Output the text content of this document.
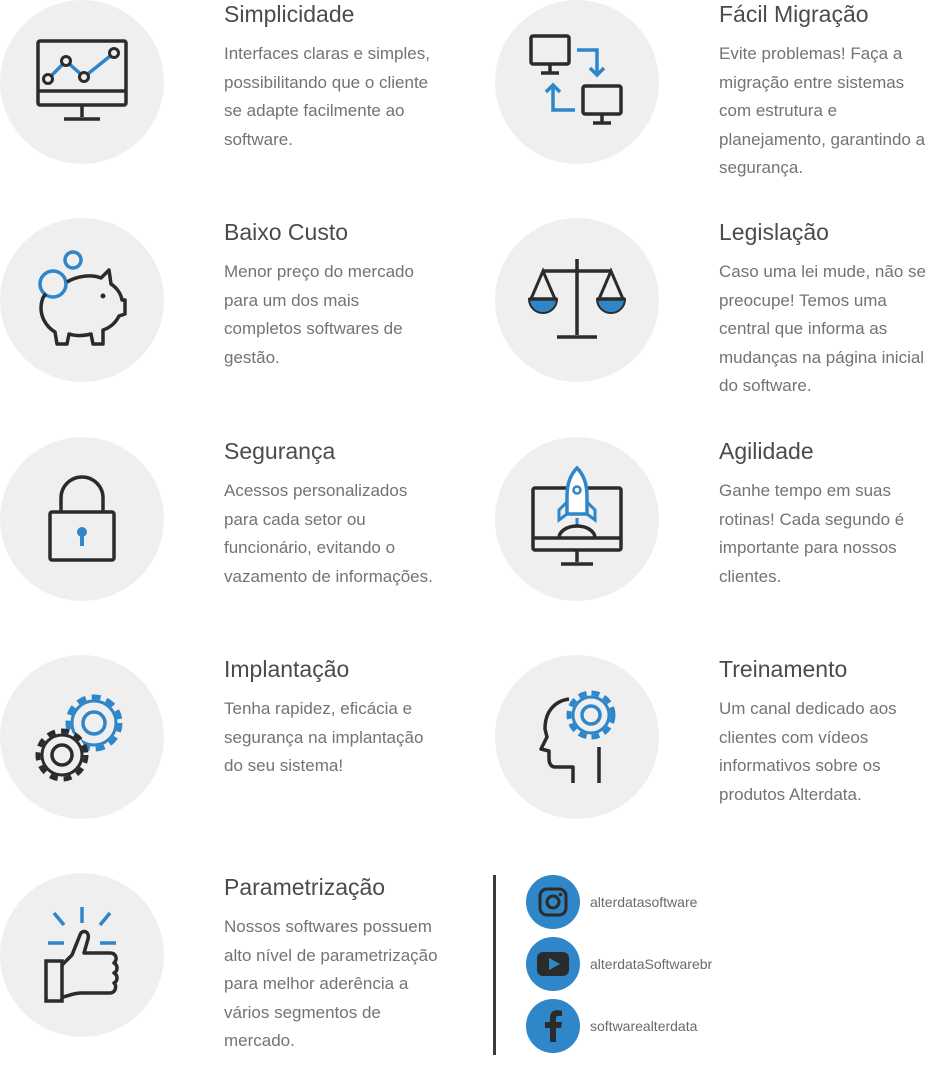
Simplicidade

Interfaces claras e simples, possibilitando que o cliente se adapte facilmente ao software.

Fácil Migração

Evite problemas! Faça a migração entre sistemas com estrutura e planejamento, garantindo a segurança.

Baixo Custo

Menor preço do mercado para um dos mais completos softwares de gestão.

Legislação

Caso uma lei mude, não se preocupe! Temos uma central que informa as mudanças na página inicial do software.

Segurança

Acessos personalizados para cada setor ou funcionário, evitando o vazamento de informações.

Agilidade

Ganhe tempo em suas rotinas! Cada segundo é importante para nossos clientes.

Implantação

Tenha rapidez, eficácia e segurança na implantação do seu sistema!

Treinamento

Um canal dedicado aos clientes com vídeos informativos sobre os produtos Alterdata.

Parametrização

Nossos softwares possuem alto nível de parametrização para melhor aderência a vários segmentos de mercado.

alterdatasoftware
alterdataSoftwarebr
softwarealterdata
